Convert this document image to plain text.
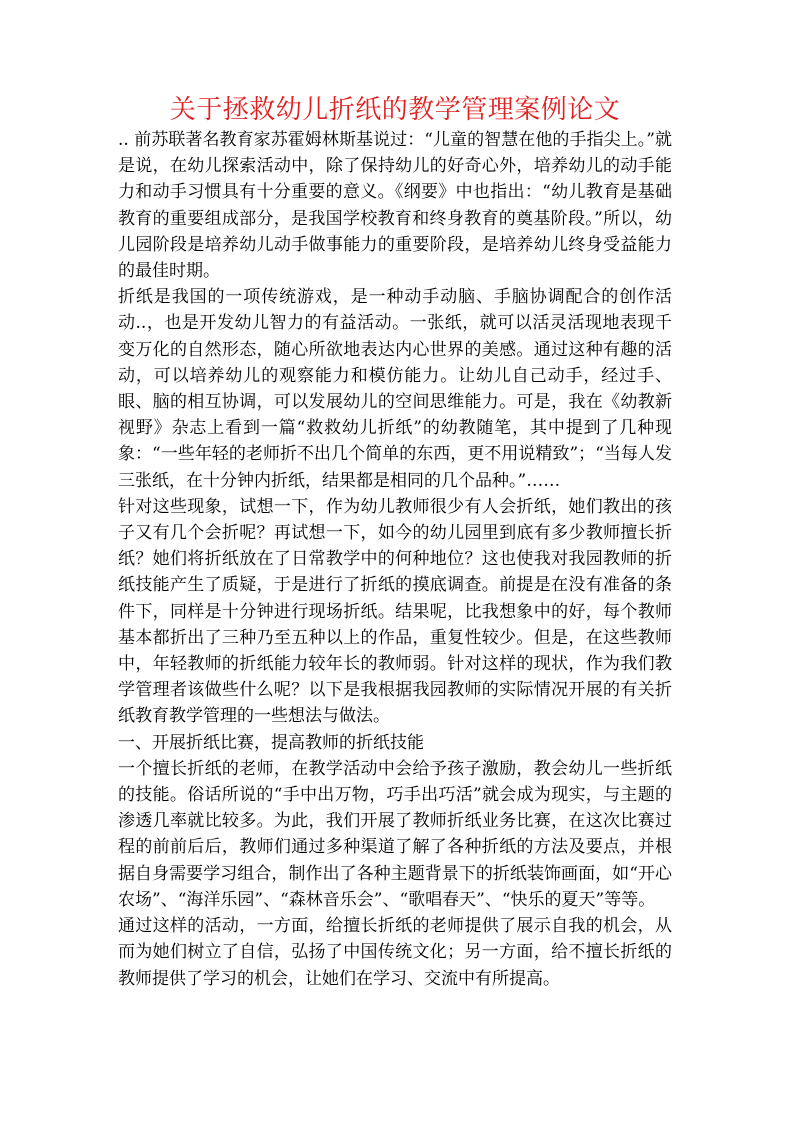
关于拯救幼儿折纸的教学管理案例论文

.. 前苏联著名教育家苏霍姆林斯基说过：“儿童的智慧在他的手指尖上。”就是说，在幼儿探索活动中，除了保持幼儿的好奇心外，培养幼儿的动手能力和动手习惯具有十分重要的意义。《纲要》中也指出：“幼儿教育是基础教育的重要组成部分，是我国学校教育和终身教育的奠基阶段。”所以，幼儿园阶段是培养幼儿动手做事能力的重要阶段，是培养幼儿终身受益能力的最佳时期。

折纸是我国的一项传统游戏，是一种动手动脑、手脑协调配合的创作活动..，也是开发幼儿智力的有益活动。一张纸，就可以活灵活现地表现千变万化的自然形态，随心所欲地表达内心世界的美感。通过这种有趣的活动，可以培养幼儿的观察能力和模仿能力。让幼儿自己动手，经过手、眼、脑的相互协调，可以发展幼儿的空间思维能力。可是，我在《幼教新视野》杂志上看到一篇“救救幼儿折纸”的幼教随笔，其中提到了几种现象：“一些年轻的老师折不出几个简单的东西，更不用说精致”；“当每人发三张纸，在十分钟内折纸，结果都是相同的几个品种。”……

针对这些现象，试想一下，作为幼儿教师很少有人会折纸，她们教出的孩子又有几个会折呢？再试想一下，如今的幼儿园里到底有多少教师擅长折纸？她们将折纸放在了日常教学中的何种地位？这也使我对我园教师的折纸技能产生了质疑，于是进行了折纸的摸底调查。前提是在没有准备的条件下，同样是十分钟进行现场折纸。结果呢，比我想象中的好，每个教师基本都折出了三种乃至五种以上的作品，重复性较少。但是，在这些教师中，年轻教师的折纸能力较年长的教师弱。针对这样的现状，作为我们教学管理者该做些什么呢？以下是我根据我园教师的实际情况开展的有关折纸教育教学管理的一些想法与做法。

一、开展折纸比赛，提高教师的折纸技能

一个擅长折纸的老师，在教学活动中会给予孩子激励，教会幼儿一些折纸的技能。俗话所说的“手中出万物，巧手出巧活”就会成为现实，与主题的渗透几率就比较多。为此，我们开展了教师折纸业务比赛，在这次比赛过程的前前后后，教师们通过多种渠道了解了各种折纸的方法及要点，并根据自身需要学习组合，制作出了各种主题背景下的折纸装饰画面，如“开心农场”、“海洋乐园”、“森林音乐会”、“歌唱春天”、“快乐的夏天”等等。

通过这样的活动，一方面，给擅长折纸的老师提供了展示自我的机会，从而为她们树立了自信，弘扬了中国传统文化；另一方面，给不擅长折纸的教师提供了学习的机会，让她们在学习、交流中有所提高。
